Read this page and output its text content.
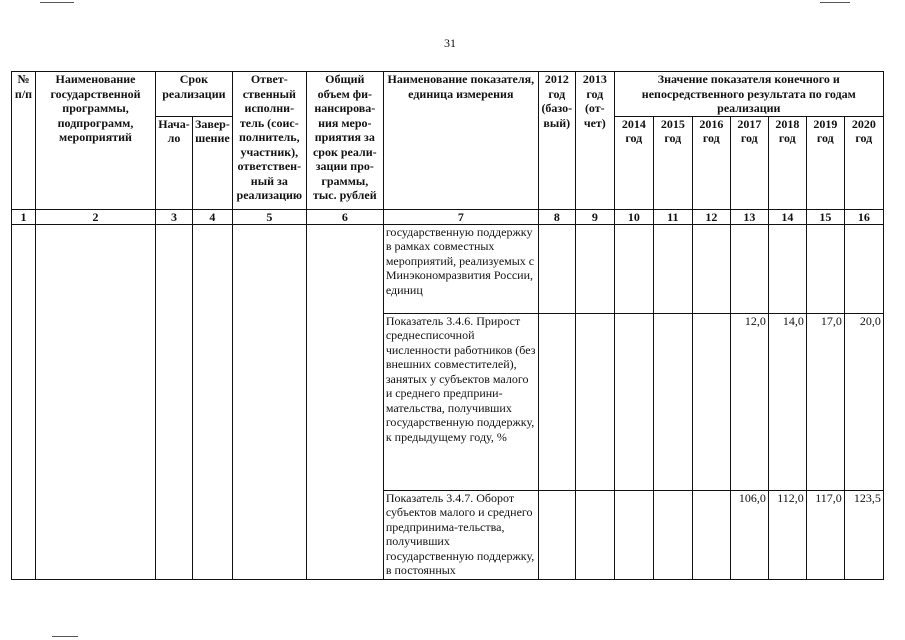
31
№ п/п	Наименование государственной программы, подпрограмм, мероприятий	Срок реализации		Ответ-ственный исполни-тель (соис-полнитель, участник), ответствен-ный за реализацию	Общий объем фи-нансирова-ния меро-приятия за срок реали-зации про-граммы, тыс. рублей	Наименование показателя, единица измерения	2012 год (базо-вый)	2013 год (от-чет)	Значение показателя конечного и непосредственного результата по годам реализации						
		Нача-ло	Завер-шение						2014 год	2015 год	2016 год	2017 год	2018 год	2019 год	2020 год
1	2	3	4	5	6	7	8	9	10	11	12	13	14	15	16
						государственную поддержку в рамках совместных мероприятий, реализуемых с Минэкономразвития России, единиц									
						Показатель 3.4.6. Прирост среднесписочной численности работников (без внешних совместителей), занятых у субъектов малого и среднего предприни-мательства, получивших государственную поддержку, к предыдущему году, %						12,0	14,0	17,0	20,0
						Показатель 3.4.7. Оборот субъектов малого и среднего предпринима-тельства, получивших государственную поддержку, в постоянных						106,0	112,0	117,0	123,5
